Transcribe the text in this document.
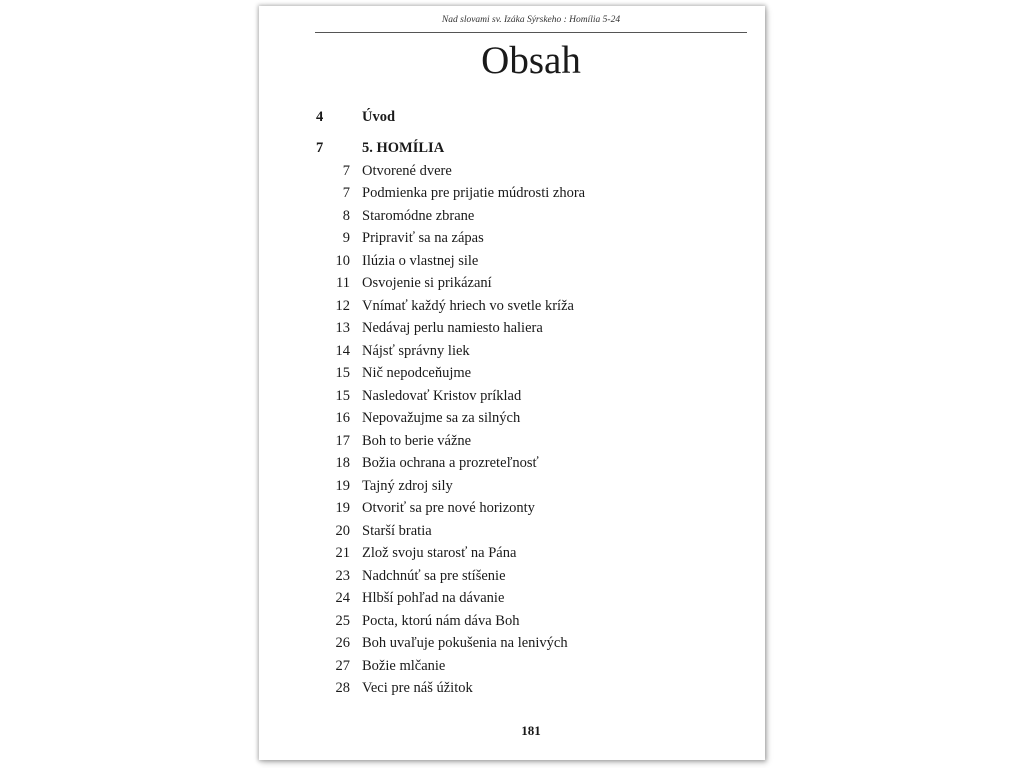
Nad slovami sv. Izáka Sýrskeho : Homília 5-24
Obsah
4	Úvod
7	5. HOMÍLIA
7 Otvorené dvere
7 Podmienka pre prijatie múdrosti zhora
8 Staromódne zbrane
9 Pripraviť sa na zápas
10 Ilúzia o vlastnej sile
11 Osvojenie si prikázaní
12 Vnímať každý hriech vo svetle kríža
13 Nedávaj perlu namiesto haliera
14 Nájsť správny liek
15 Nič nepodceňujme
15 Nasledovať Kristov príklad
16 Nepovažujme sa za silných
17 Boh to berie vážne
18 Božia ochrana a prozreteľnosť
19 Tajný zdroj sily
19 Otvoriť sa pre nové horizonty
20 Starší bratia
21 Zlož svoju starosť na Pána
23 Nadchnúť sa pre stíšenie
24 Hlbší pohľad na dávanie
25 Pocta, ktorú nám dáva Boh
26 Boh uvaľuje pokušenia na lenivých
27 Božie mlčanie
28 Veci pre náš úžitok
181
